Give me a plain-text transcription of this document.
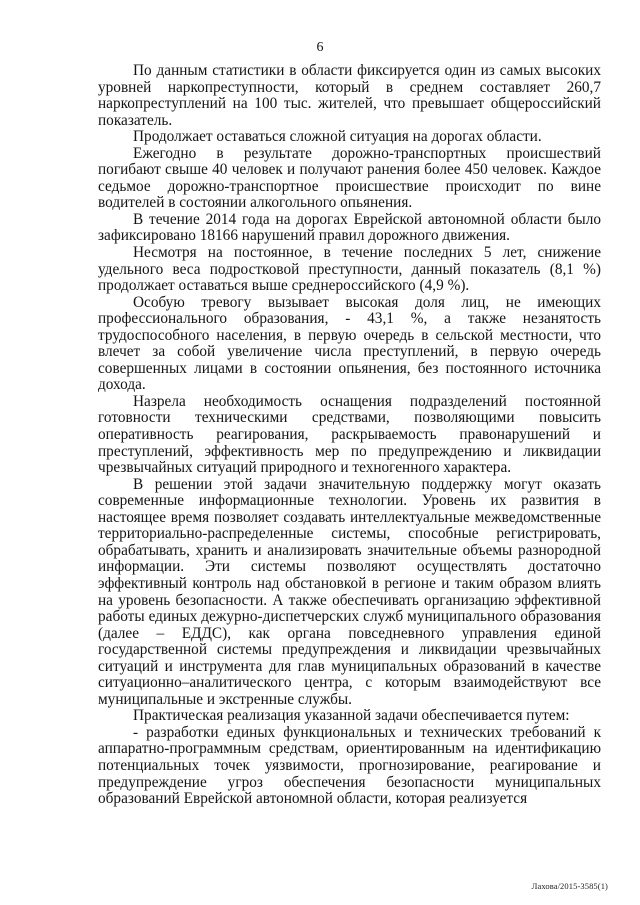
6

По данным статистики в области фиксируется один из самых высоких уровней наркопреступности, который в среднем составляет 260,7 наркопреступлений на 100 тыс. жителей, что превышает общероссийский показатель.

Продолжает оставаться сложной ситуация на дорогах области.

Ежегодно в результате дорожно-транспортных происшествий погибают свыше 40 человек и получают ранения более 450 человек. Каждое седьмое дорожно-транспортное происшествие происходит по вине водителей в состоянии алкогольного опьянения.

В течение 2014 года на дорогах Еврейской автономной области было зафиксировано 18166 нарушений правил дорожного движения.

Несмотря на постоянное, в течение последних 5 лет, снижение удельного веса подростковой преступности, данный показатель (8,1 %) продолжает оставаться выше среднероссийского (4,9 %).

Особую тревогу вызывает высокая доля лиц, не имеющих профессионального образования, - 43,1 %, а также незанятость трудоспособного населения, в первую очередь в сельской местности, что влечет за собой увеличение числа преступлений, в первую очередь совершенных лицами в состоянии опьянения, без постоянного источника дохода.

Назрела необходимость оснащения подразделений постоянной готовности техническими средствами, позволяющими повысить оперативность реагирования, раскрываемость правонарушений и преступлений, эффективность мер по предупреждению и ликвидации чрезвычайных ситуаций природного и техногенного характера.

В решении этой задачи значительную поддержку могут оказать современные информационные технологии. Уровень их развития в настоящее время позволяет создавать интеллектуальные межведомственные территориально-распределенные системы, способные регистрировать, обрабатывать, хранить и анализировать значительные объемы разнородной информации. Эти системы позволяют осуществлять достаточно эффективный контроль над обстановкой в регионе и таким образом влиять на уровень безопасности. А также обеспечивать организацию эффективной работы единых дежурно-диспетчерских служб муниципального образования (далее – ЕДДС), как органа повседневного управления единой государственной системы предупреждения и ликвидации чрезвычайных ситуаций и инструмента для глав муниципальных образований в качестве ситуационно–аналитического центра, с которым взаимодействуют все муниципальные и экстренные службы.

Практическая реализация указанной задачи обеспечивается путем:

- разработки единых функциональных и технических требований к аппаратно-программным средствам, ориентированным на идентификацию потенциальных точек уязвимости, прогнозирование, реагирование и предупреждение угроз обеспечения безопасности муниципальных образований Еврейской автономной области, которая реализуется

Лахова/2015-3585(1)
